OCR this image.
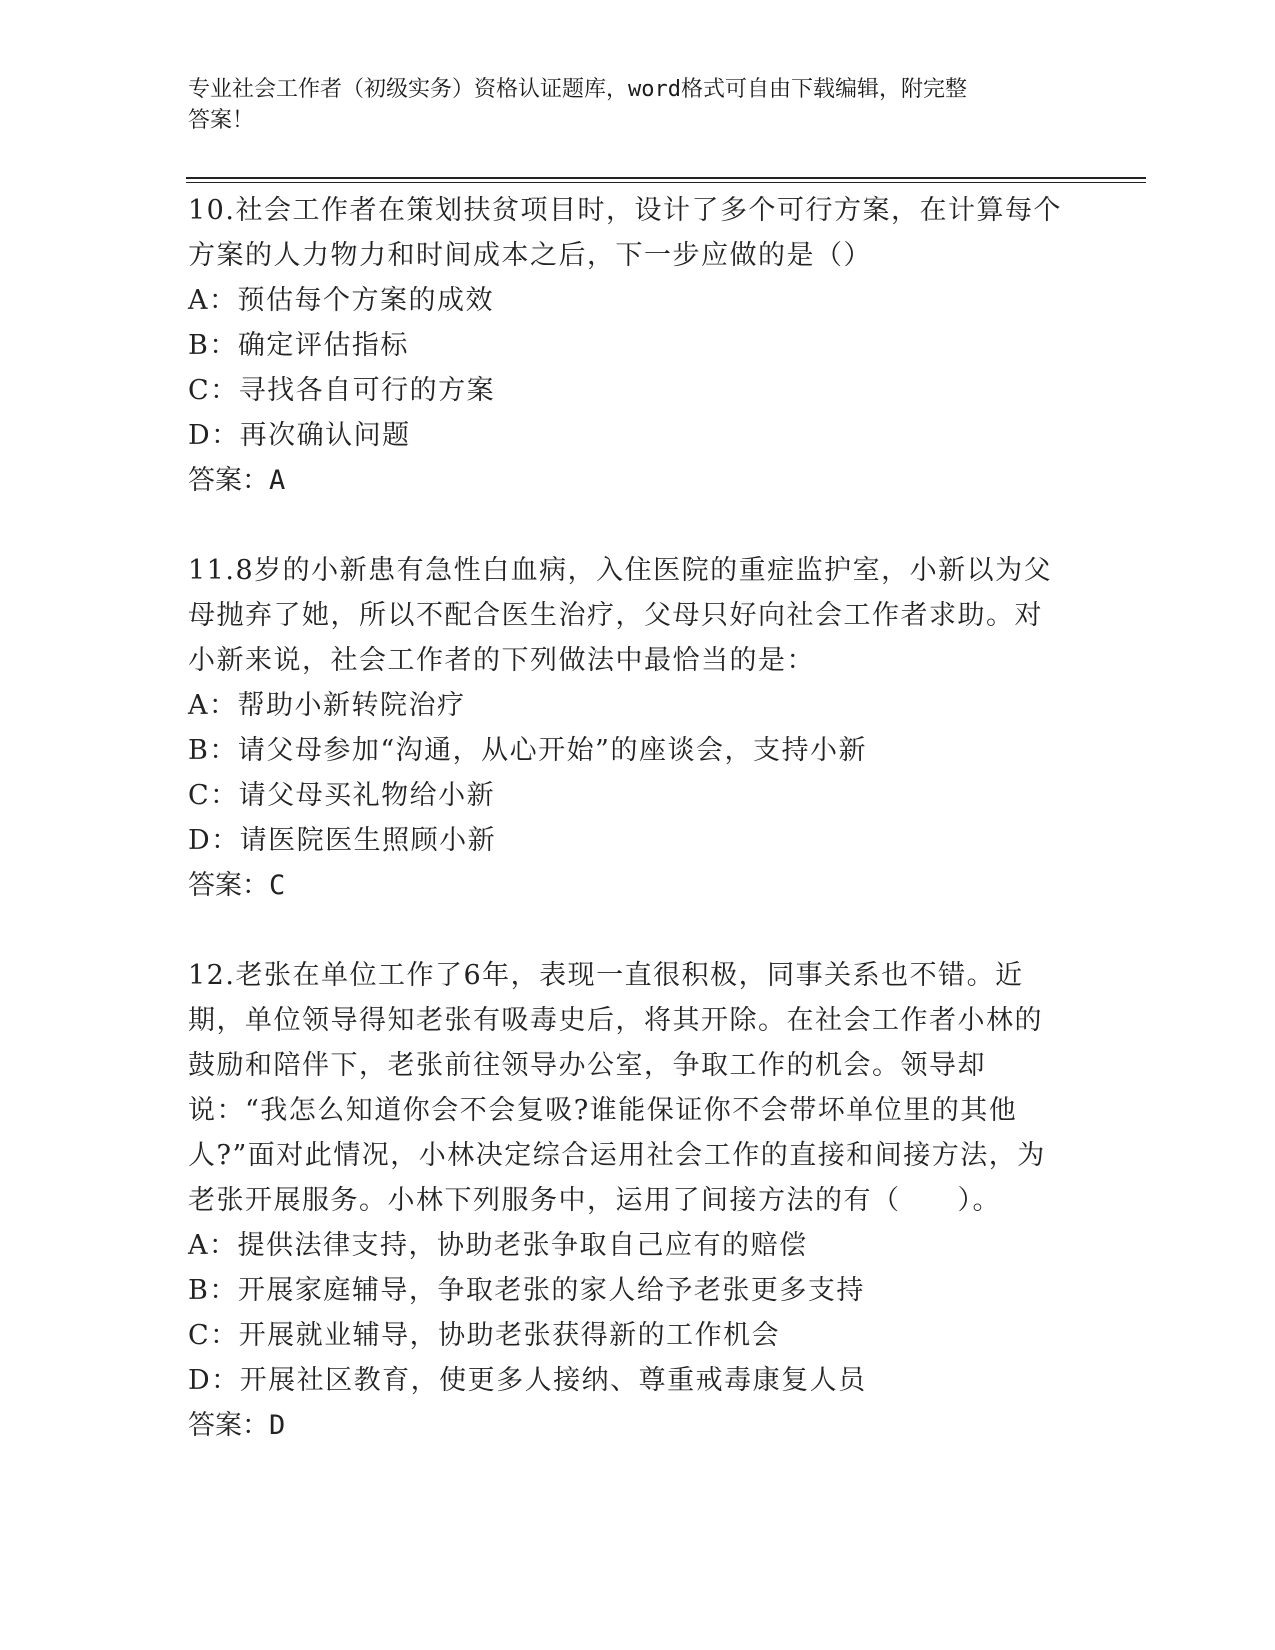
专业社会工作者（初级实务）资格认证题库，word格式可自由下载编辑，附完整
答案！
10.社会工作者在策划扶贫项目时，设计了多个可行方案，在计算每个方案的人力物力和时间成本之后，下一步应做的是（）
A：预估每个方案的成效
B：确定评估指标
C：寻找各自可行的方案
D：再次确认问题
答案：A
11.8岁的小新患有急性白血病，入住医院的重症监护室，小新以为父母抛弃了她，所以不配合医生治疗，父母只好向社会工作者求助。对小新来说，社会工作者的下列做法中最恰当的是：
A：帮助小新转院治疗
B：请父母参加“沟通，从心开始”的座谈会，支持小新
C：请父母买礼物给小新
D：请医院医生照顾小新
答案：C
12.老张在单位工作了6年，表现一直很积极，同事关系也不错。近期，单位领导得知老张有吸毒史后，将其开除。在社会工作者小林的鼓励和陪伴下，老张前往领导办公室，争取工作的机会。领导却说：“我怎么知道你会不会复吸?谁能保证你不会带坏单位里的其他人?”面对此情况，小林决定综合运用社会工作的直接和间接方法，为老张开展服务。小林下列服务中，运用了间接方法的有（　　）。
A：提供法律支持，协助老张争取自己应有的赔偿
B：开展家庭辅导，争取老张的家人给予老张更多支持
C：开展就业辅导，协助老张获得新的工作机会
D：开展社区教育，使更多人接纳、尊重戒毒康复人员
答案：D
